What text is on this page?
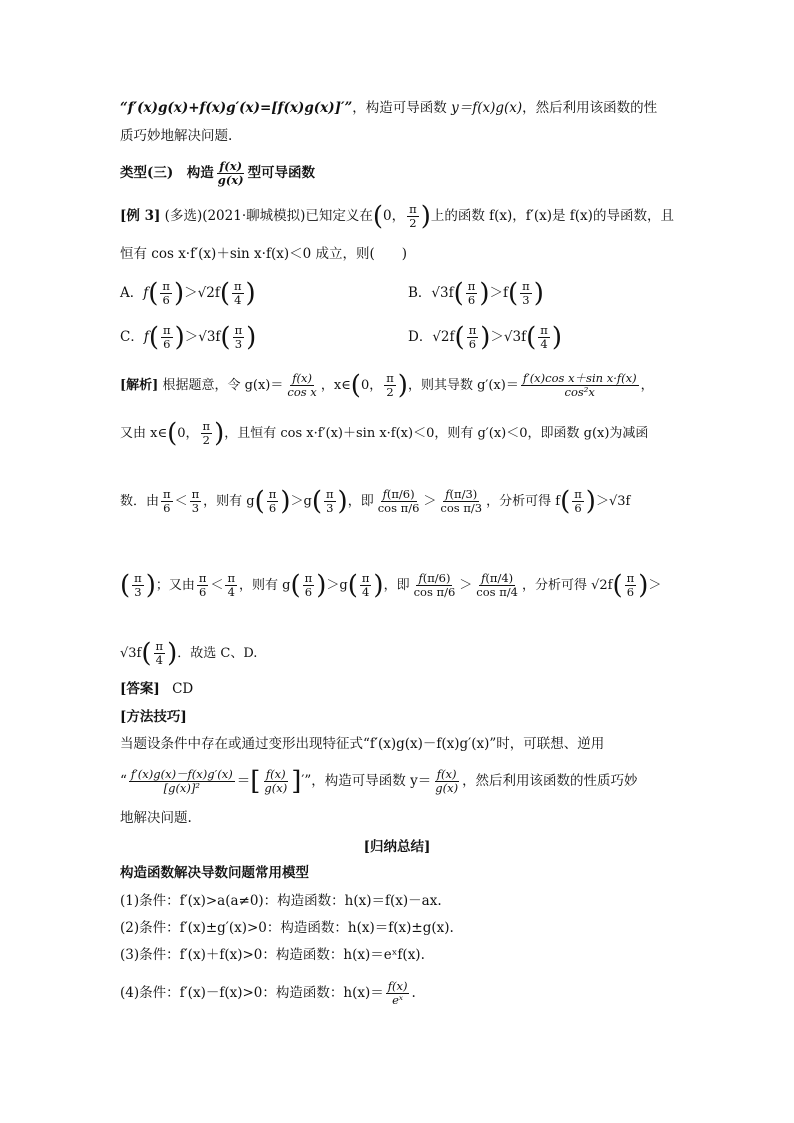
“f′(x)g(x)+f(x)g′(x)=[f(x)g(x)]′”，构造可导函数 y＝f(x)g(x)，然后利用该函数的性
质巧妙地解决问题.
类型(三)　构造 $\frac{f(x)}{g(x)}$ 型可导函数
[例 3] (多选)(2021·聊城模拟)已知定义在(0， $\frac{\pi}{2}$ )上的函数 f(x)，f′(x)是 f(x)的导函数，且
恒有 cos x·f′(x)＋sin x·f(x)＜0 成立，则(　　)
A．$f( \frac{\pi}{6} )>√2f( \frac{\pi}{4}$ )	B．$√3f( \frac{\pi}{6} )>f( \frac{\pi}{3}$ )
C．$f( \frac{\pi}{6} )>√3f( \frac{\pi}{3}$ )	D．$√2f( \frac{\pi}{6} )>√3f( \frac{\pi}{4}$ )
[解析] 根据题意，令 $g(x)= \frac{f(x)}{\text{cos x}}$ ，x∈(0， $\frac{\pi}{2}$ )，则其导数 $g'(x)= \frac{\text{f′(x)cos x＋sin x·f(x)}}{\text{cos²x}}$ ，
又由 x∈(0， $\frac{\pi}{2}$ )，且恒有 cos x·f′(x)＋sin x·f(x)＜0，则有 g′(x)＜0，即函数 g(x)为减函
数．由 $\frac{\pi}{6} < \frac{\pi}{3}$ ，则有 $g( \frac{\pi}{6} )>g( \frac{\pi}{3}$ )，即 $\frac{f(\pi/6)}{\text{cos π/6}} > \frac{f(\pi/3)}{\text{cos π/3}}$ ，分析可得 $f( \frac{\pi}{6} )>√3f$
( $\frac{\pi}{3}$ )；又由 $\frac{\pi}{6} < \frac{\pi}{4}$ ，则有 $g( \frac{\pi}{6} )>g( \frac{\pi}{4}$ )，即 $\frac{f(\pi/6)}{\text{cos π/6}} > \frac{f(\pi/4)}{\text{cos π/4}}$ ，分析可得 $√2f( \frac{\pi}{6}$ )＞
$√3f( \frac{\pi}{4}$ )．故选 C、D.
[答案] CD
[方法技巧]
当题设条件中存在或通过变形出现特征式“f′(x)g(x)－f(x)g′(x)”时，可联想、逆用
“ $\frac{f'(x)g(x)-f(x)g'(x)}{\text{[g(x)]²}}$ ＝[ $\frac{f(x)}{g(x)}$ ]′”，构造可导函数 $y= \frac{f(x)}{g(x)}$ ，然后利用该函数的性质巧妙
地解决问题.
[归纳总结]
构造函数解决导数问题常用模型
(1)条件：f′(x)>a(a≠0)：构造函数：h(x)＝f(x)－ax.
(2)条件：f′(x)±g′(x)>0：构造函数：h(x)＝f(x)±g(x).
(3)条件：f′(x)＋f(x)>0：构造函数：h(x)＝eˣf(x).
(4)条件：f′(x)－f(x)>0：构造函数：$h(x)= \frac{f(x)}{\text{eˣ}}$ .
